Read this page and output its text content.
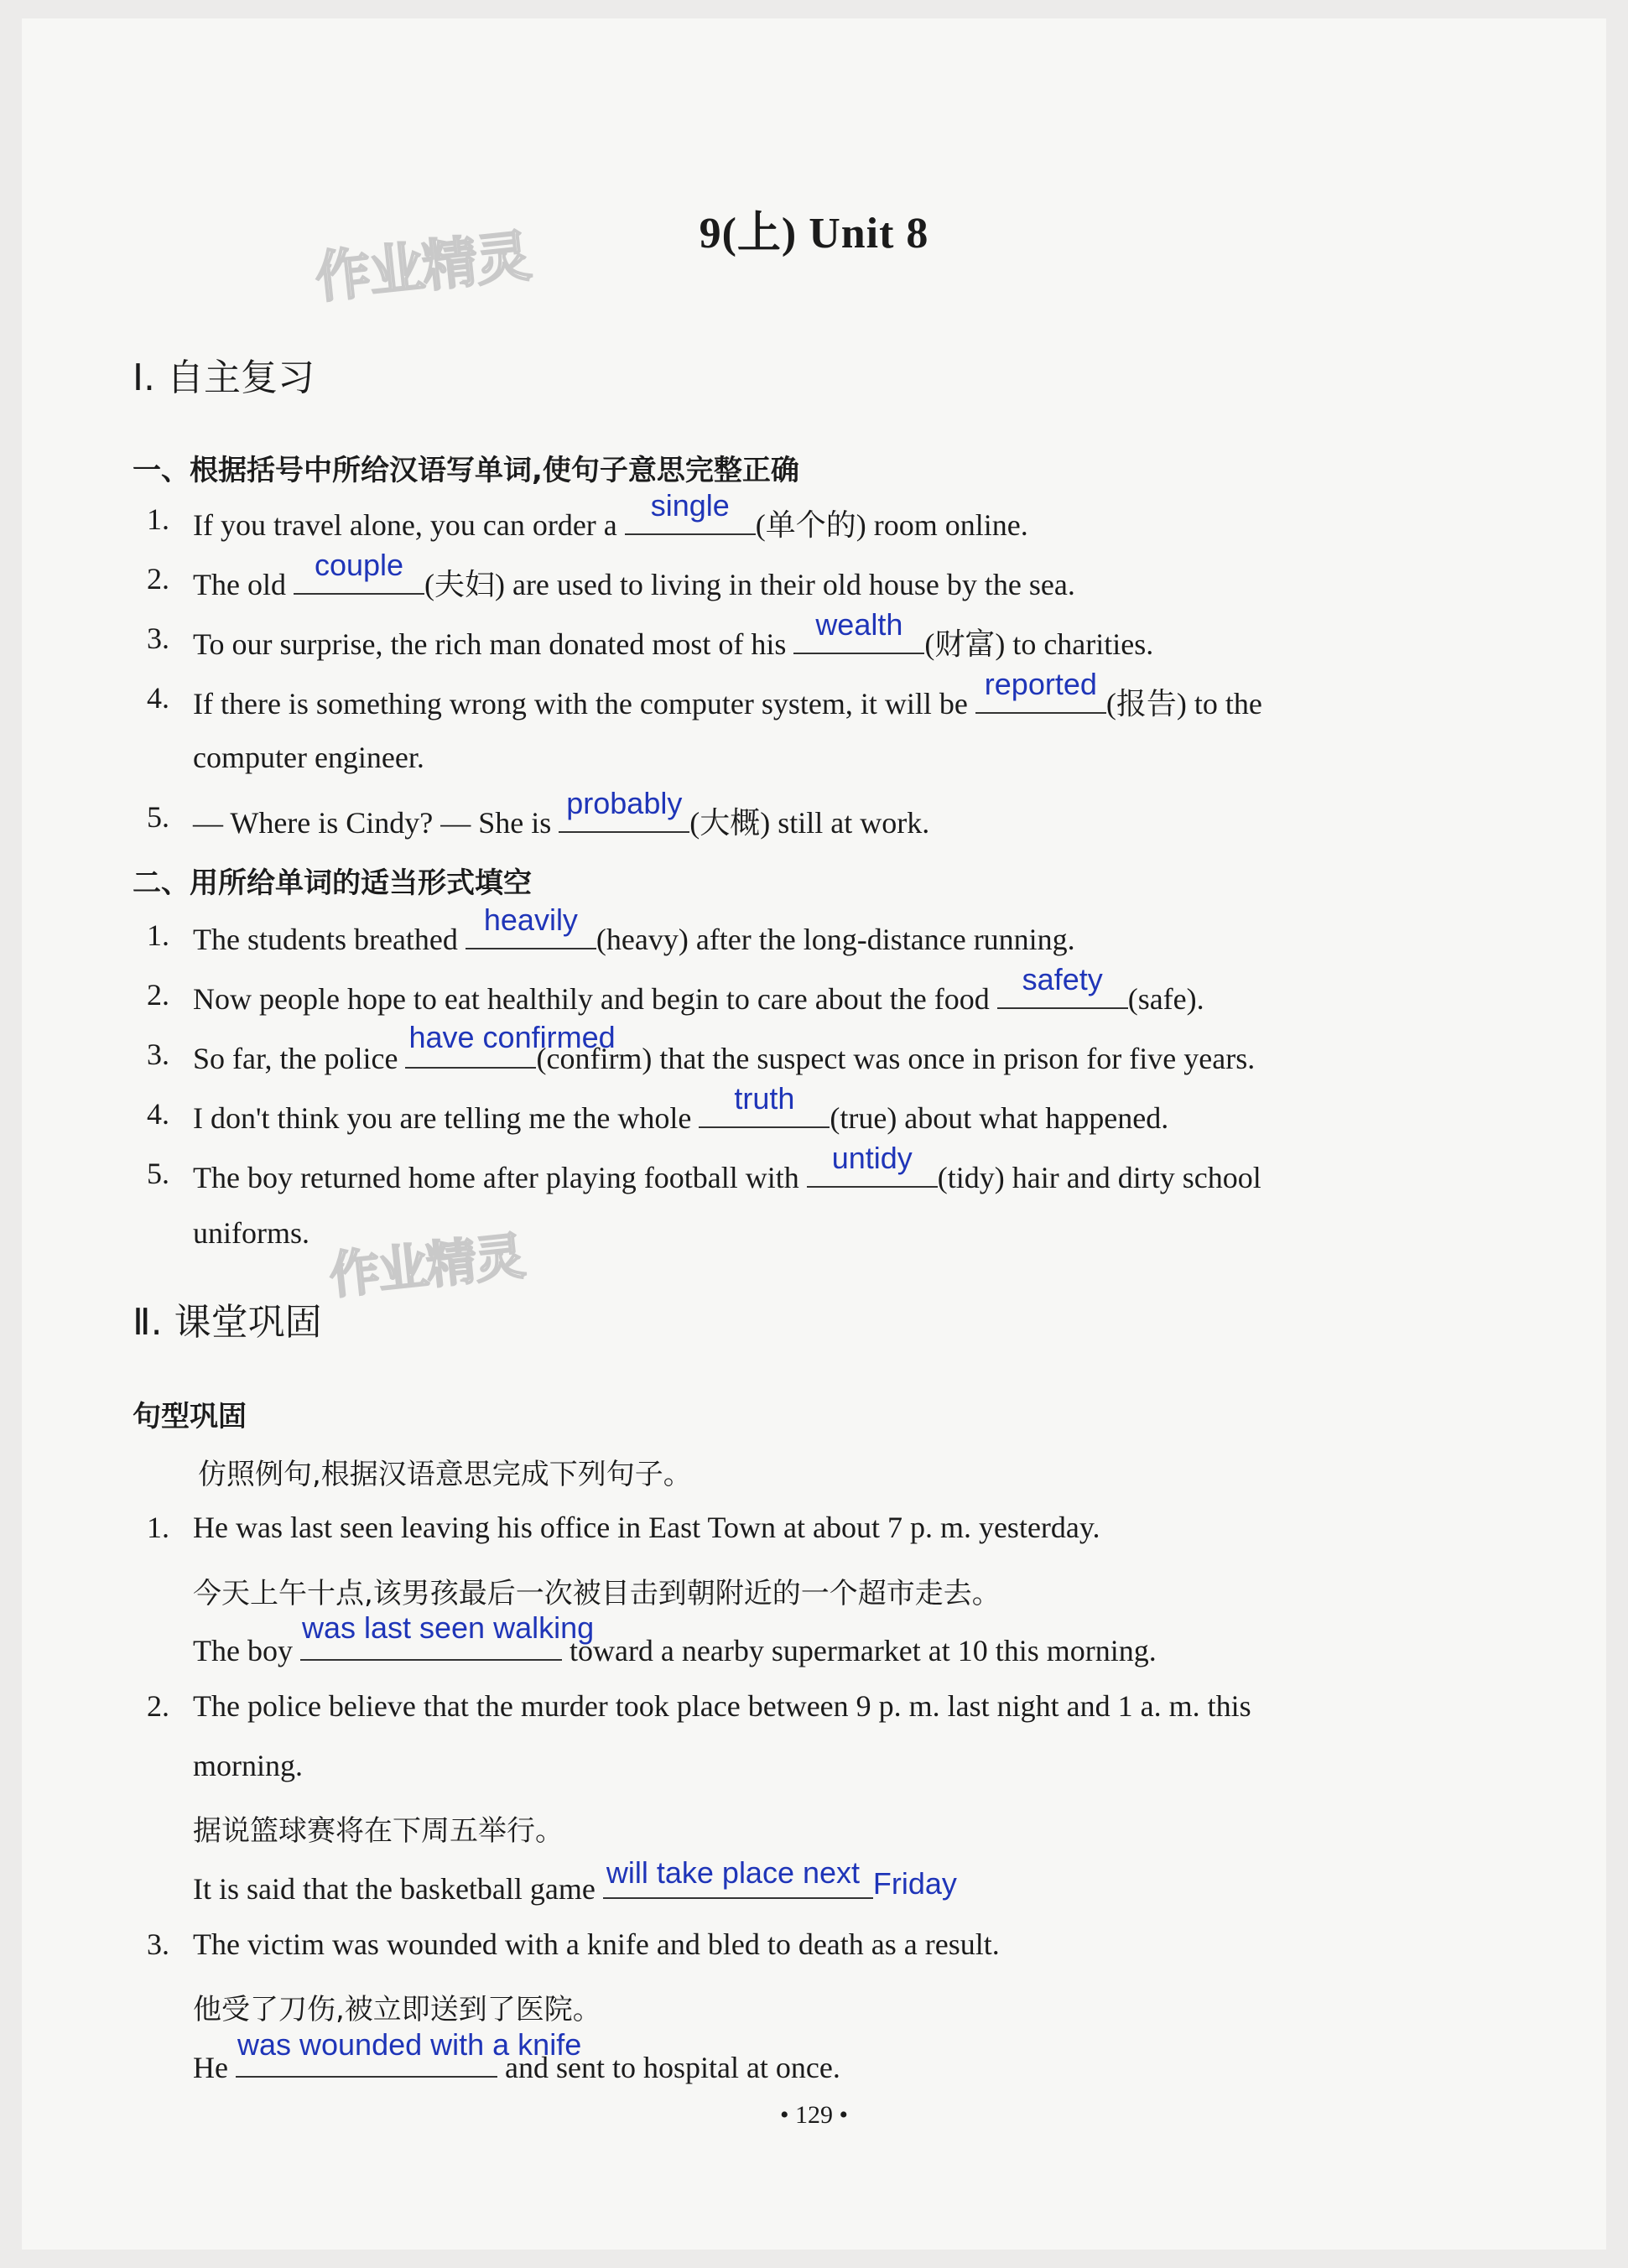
9(上) Unit 8
作业精灵
作业精灵
Ⅰ. 自主复习
一、根据括号中所给汉语写单词,使句子意思完整正确
1. If you travel alone, you can order a
single
(单个的) room online.
2. The old
couple
(夫妇) are used to living in their old house by the sea.
3. To our surprise, the rich man donated most of his
wealth
(财富) to charities.
4. If there is something wrong with the computer system, it will be
reported
(报告) to the
computer engineer.
5. — Where is Cindy? — She is
probably
(大概) still at work.
二、用所给单词的适当形式填空
1. The students breathed
heavily
(heavy) after the long-distance running.
2. Now people hope to eat healthily and begin to care about the food
safety
(safe).
3. So far, the police
have confirmed
(confirm) that the suspect was once in prison for five years.
4. I don't think you are telling me the whole
truth
(true) about what happened.
5. The boy returned home after playing football with
untidy
(tidy) hair and dirty school
uniforms.
Ⅱ. 课堂巩固
句型巩固
仿照例句,根据汉语意思完成下列句子。
1. He was last seen leaving his office in East Town at about 7 p. m. yesterday.
今天上午十点,该男孩最后一次被目击到朝附近的一个超市走去。
The boy
was last seen walking
toward a nearby supermarket at 10 this morning.
2. The police believe that the murder took place between 9 p. m. last night and 1 a. m. this
morning.
据说篮球赛将在下周五举行。
It is said that the basketball game will take place next Friday
3. The victim was wounded with a knife and bled to death as a result.
他受了刀伤,被立即送到了医院。
He
was wounded with a knife
and sent to hospital at once.
• 129 •
